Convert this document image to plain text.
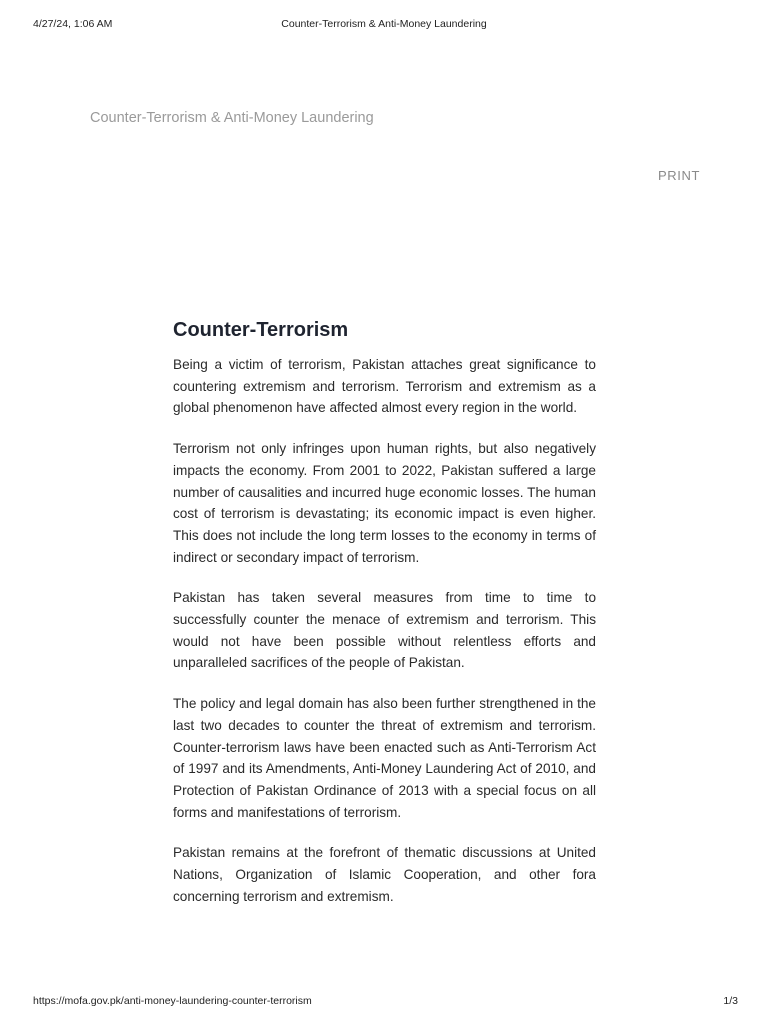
4/27/24, 1:06 AM	Counter-Terrorism & Anti-Money Laundering
Counter-Terrorism & Anti-Money Laundering
PRINT
Counter-Terrorism

Being a victim of terrorism, Pakistan attaches great significance to countering extremism and terrorism. Terrorism and extremism as a global phenomenon have affected almost every region in the world.

Terrorism not only infringes upon human rights, but also negatively impacts the economy. From 2001 to 2022, Pakistan suffered a large number of causalities and incurred huge economic losses. The human cost of terrorism is devastating; its economic impact is even higher. This does not include the long term losses to the economy in terms of indirect or secondary impact of terrorism.

Pakistan has taken several measures from time to time to successfully counter the menace of extremism and terrorism. This would not have been possible without relentless efforts and unparalleled sacrifices of the people of Pakistan.

The policy and legal domain has also been further strengthened in the last two decades to counter the threat of extremism and terrorism. Counter-terrorism laws have been enacted such as Anti-Terrorism Act of 1997 and its Amendments, Anti-Money Laundering Act of 2010, and Protection of Pakistan Ordinance of 2013 with a special focus on all forms and manifestations of terrorism.

Pakistan remains at the forefront of thematic discussions at United Nations, Organization of Islamic Cooperation, and other fora concerning terrorism and extremism.

https://mofa.gov.pk/anti-money-laundering-counter-terrorism	1/3
